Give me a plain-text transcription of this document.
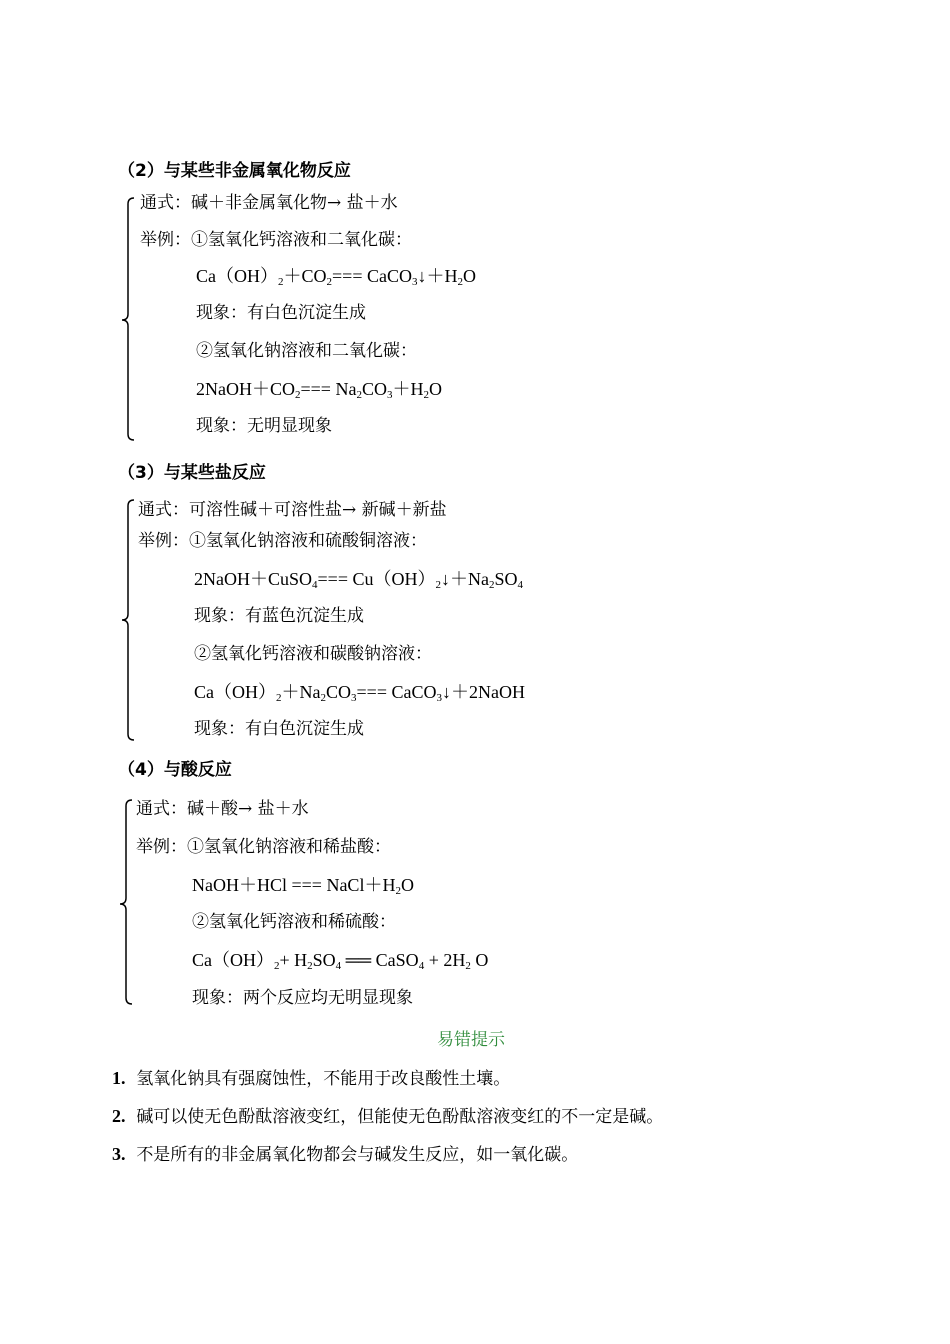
（2）与某些非金属氧化物反应
通式：碱＋非金属氧化物→ 盐＋水
举例：①氢氧化钙溶液和二氧化碳：
$Ca(OH)_2+CO_2===$ $CaCO_3↓+H_2O$
现象：有白色沉淀生成
②氢氧化钠溶液和二氧化碳：
$2NaOH+CO_2=== Na_2CO_3+H_2O$
现象：无明显现象
（3）与某些盐反应
通式：可溶性碱＋可溶性盐→ 新碱＋新盐
举例：①氢氧化钠溶液和硫酸铜溶液：
2NaOH＋CuSO$_4$=== $Cu(OH)_2↓+Na_2SO_4$
现象：有蓝色沉淀生成
②氢氧化钙溶液和碳酸钠溶液：
$Ca(OH)_2+Na_2CO_3===$ CaCO$_3$↓＋2NaOH
现象：有白色沉淀生成
（4）与酸反应
通式：碱＋酸→ 盐＋水
举例：①氢氧化钠溶液和稀盐酸：
NaOH＋HCl === $NaCl+H_2O$
②氢氧化钙溶液和稀硫酸：
$Ca(OH)_2+ H_2SO_4$ ══ CaSO$_4$ + $2H_2$ O
现象：两个反应均无明显现象
易错提示
1. 氢氧化钠具有强腐蚀性，不能用于改良酸性土壤。
2. 碱可以使无色酚酞溶液变红，但能使无色酚酞溶液变红的不一定是碱。
3. 不是所有的非金属氧化物都会与碱发生反应，如一氧化碳。
